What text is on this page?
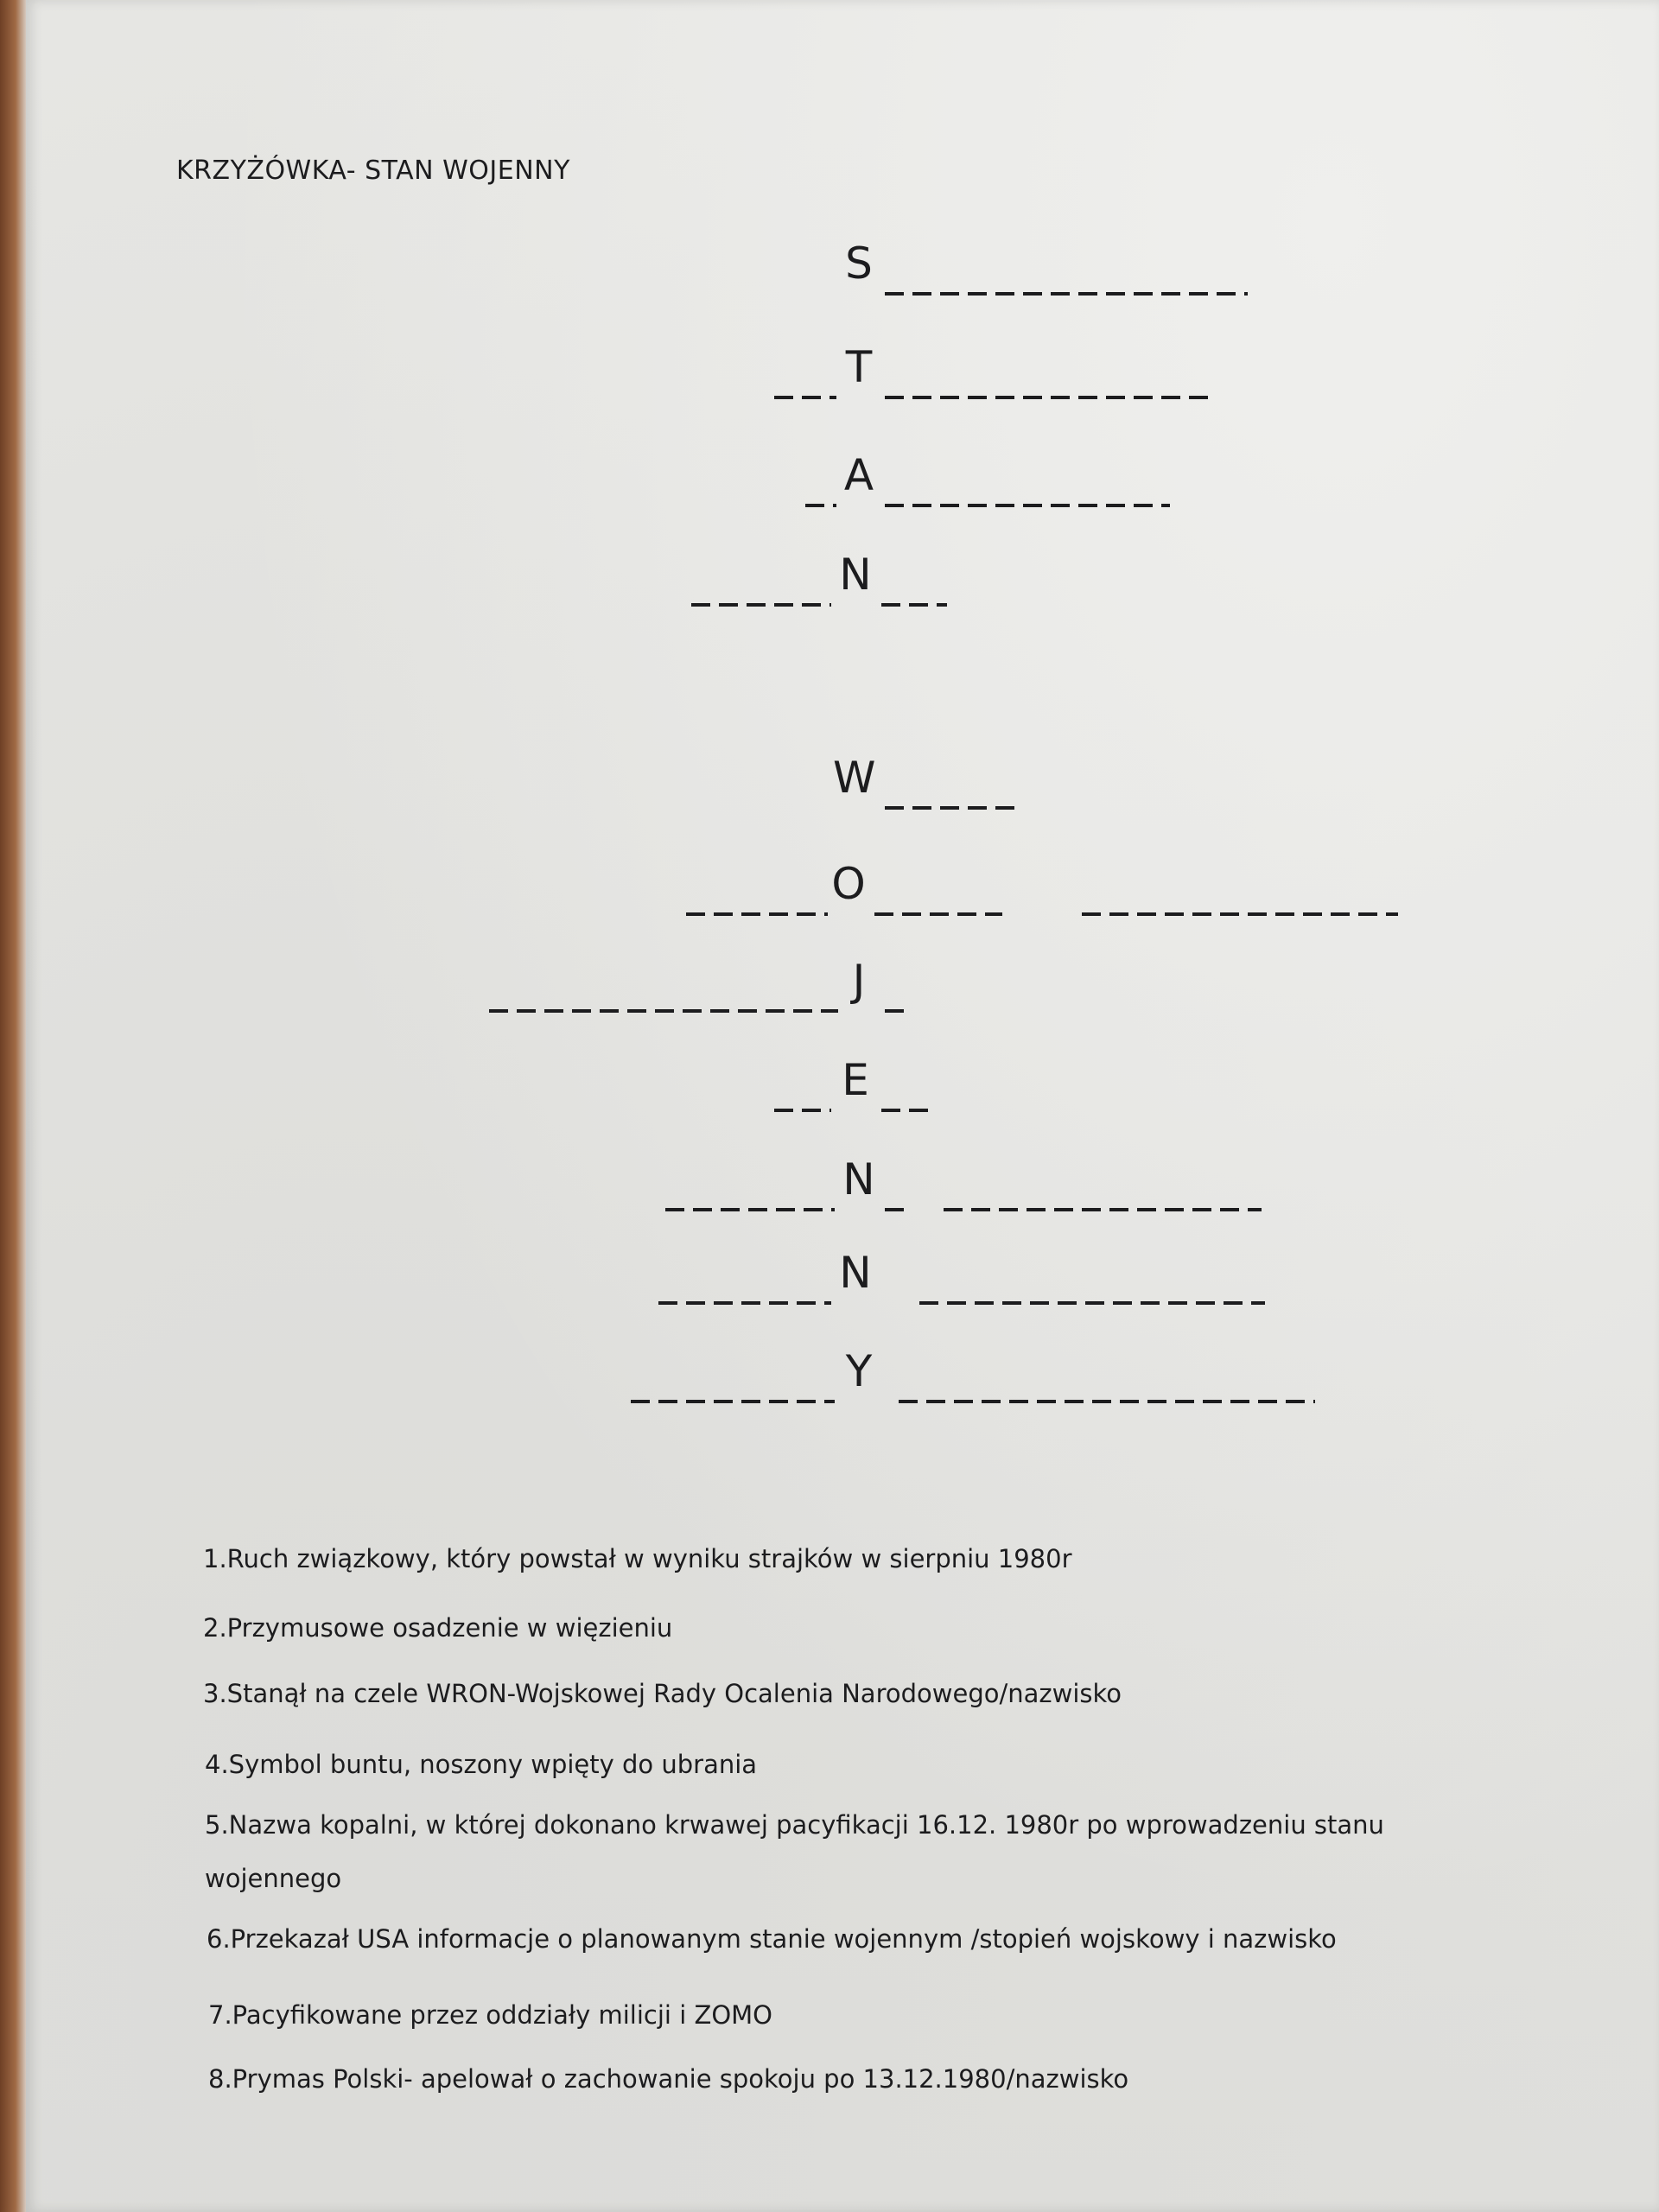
KRZYŻÓWKA- STAN WOJENNY
S
T
A
N
W
O
J
E
N
N
Y
1.Ruch związkowy, który powstał w wyniku strajków w sierpniu 1980r
2.Przymusowe osadzenie w więzieniu
3.Stanął na czele WRON-Wojskowej Rady Ocalenia Narodowego/nazwisko
4.Symbol buntu, noszony wpięty do ubrania
5.Nazwa kopalni, w której dokonano krwawej pacyfikacji 16.12. 1980r po wprowadzeniu stanu
wojennego
6.Przekazał USA informacje o planowanym stanie wojennym /stopień wojskowy i nazwisko
7.Pacyfikowane przez oddziały milicji i ZOMO
8.Prymas Polski- apelował o zachowanie spokoju po 13.12.1980/nazwisko
